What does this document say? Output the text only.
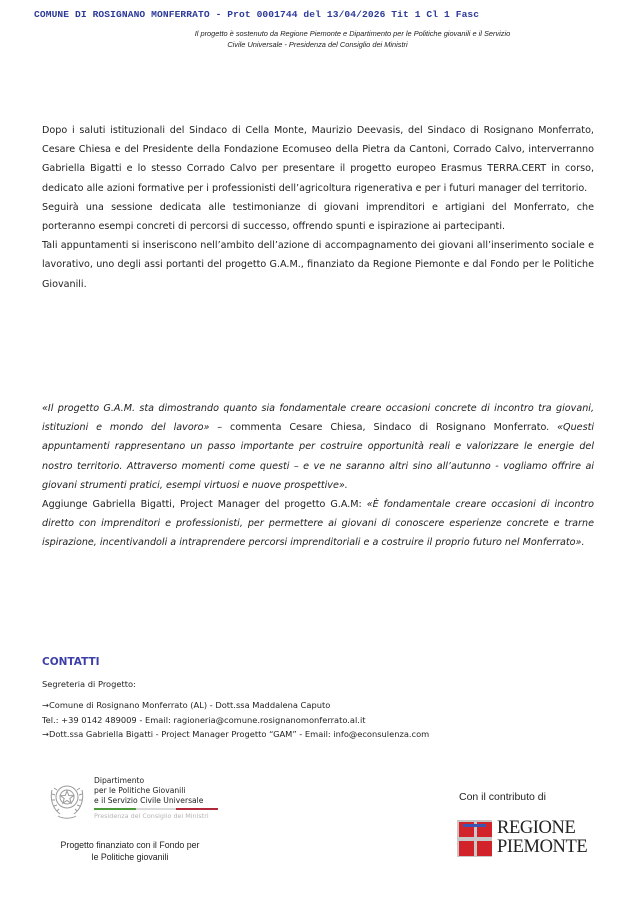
COMUNE DI ROSIGNANO MONFERRATO - Prot 0001744 del 13/04/2026 Tit 1 Cl 1 Fasc
Il progetto è sostenuto da Regione Piemonte e Dipartimento per le Politiche giovanili e il Servizio
Civile Universale - Presidenza del Consiglio dei Ministri

Dopo i saluti istituzionali del Sindaco di Cella Monte, Maurizio Deevasis, del Sindaco di Rosignano Monferrato, Cesare Chiesa e del Presidente della Fondazione Ecomuseo della Pietra da Cantoni, Corrado Calvo, interverranno Gabriella Bigatti e lo stesso Corrado Calvo per presentare il progetto europeo Erasmus TERRA.CERT in corso, dedicato alle azioni formative per i professionisti dell’agricoltura rigenerativa e per i futuri manager del territorio.

Seguirà una sessione dedicata alle testimonianze di giovani imprenditori e artigiani del Monferrato, che porteranno esempi concreti di percorsi di successo, offrendo spunti e ispirazione ai partecipanti.

Tali appuntamenti si inseriscono nell’ambito dell’azione di accompagnamento dei giovani all’inserimento sociale e lavorativo, uno degli assi portanti del progetto G.A.M., finanziato da Regione Piemonte e dal Fondo per le Politiche Giovanili.

«Il progetto G.A.M. sta dimostrando quanto sia fondamentale creare occasioni concrete di incontro tra giovani, istituzioni e mondo del lavoro» – commenta Cesare Chiesa, Sindaco di Rosignano Monferrato. «Questi appuntamenti rappresentano un passo importante per costruire opportunità reali e valorizzare le energie del nostro territorio. Attraverso momenti come questi – e ve ne saranno altri sino all’autunno - vogliamo offrire ai giovani strumenti pratici, esempi virtuosi e nuove prospettive».

Aggiunge Gabriella Bigatti, Project Manager del progetto G.A.M: «È fondamentale creare occasioni di incontro diretto con imprenditori e professionisti, per permettere ai giovani di conoscere esperienze concrete e trarne ispirazione, incentivandoli a intraprendere percorsi imprenditoriali e a costruire il proprio futuro nel Monferrato».

CONTATTI
Segreteria di Progetto:
→Comune di Rosignano Monferrato (AL) - Dott.ssa Maddalena Caputo
Tel.: +39 0142 489009 - Email: ragioneria@comune.rosignanomonferrato.al.it
→Dott.ssa Gabriella Bigatti - Project Manager Progetto “GAM” - Email: info@econsulenza.com
Dipartimento
per le Politiche Giovanili
e il Servizio Civile Universale
Presidenza del Consiglio dei Ministri
Progetto finanziato con il Fondo per
le Politiche giovanili
Con il contributo di
REGIONE
PIEMONTE
